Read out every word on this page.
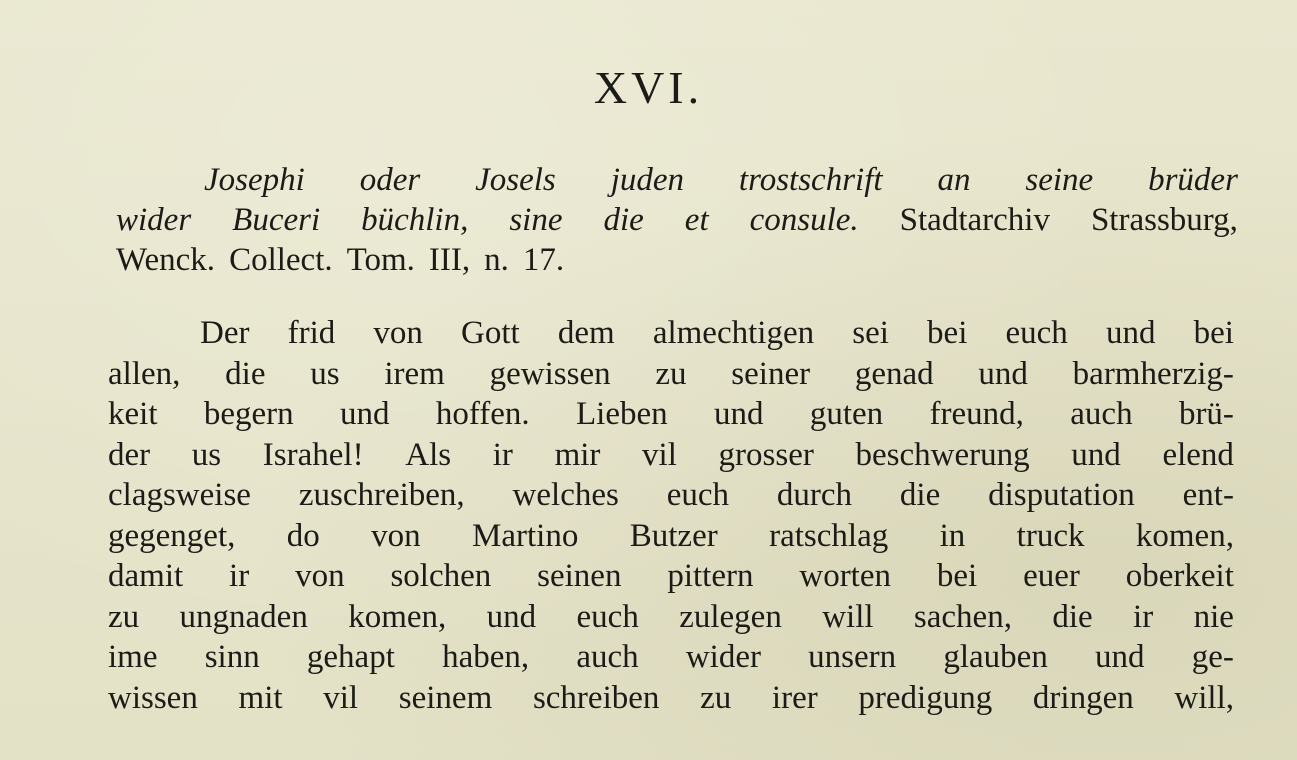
XVI.
Josephi oder Josels juden trostschrift an seine brüder
wider Buceri büchlin, sine die et consule. Stadtarchiv Strassburg,
Wenck. Collect. Tom. III, n. 17.
Der frid von Gott dem almechtigen sei bei euch und bei
allen, die us irem gewissen zu seiner genad und barmherzig-
keit begern und hoffen. Lieben und guten freund, auch brü-
der us Israhel! Als ir mir vil grosser beschwerung und elend
clagsweise zuschreiben, welches euch durch die disputation ent-
gegenget, do von Martino Butzer ratschlag in truck komen,
damit ir von solchen seinen pittern worten bei euer oberkeit
zu ungnaden komen, und euch zulegen will sachen, die ir nie
ime sinn gehapt haben, auch wider unsern glauben und ge-
wissen mit vil seinem schreiben zu irer predigung dringen will,
